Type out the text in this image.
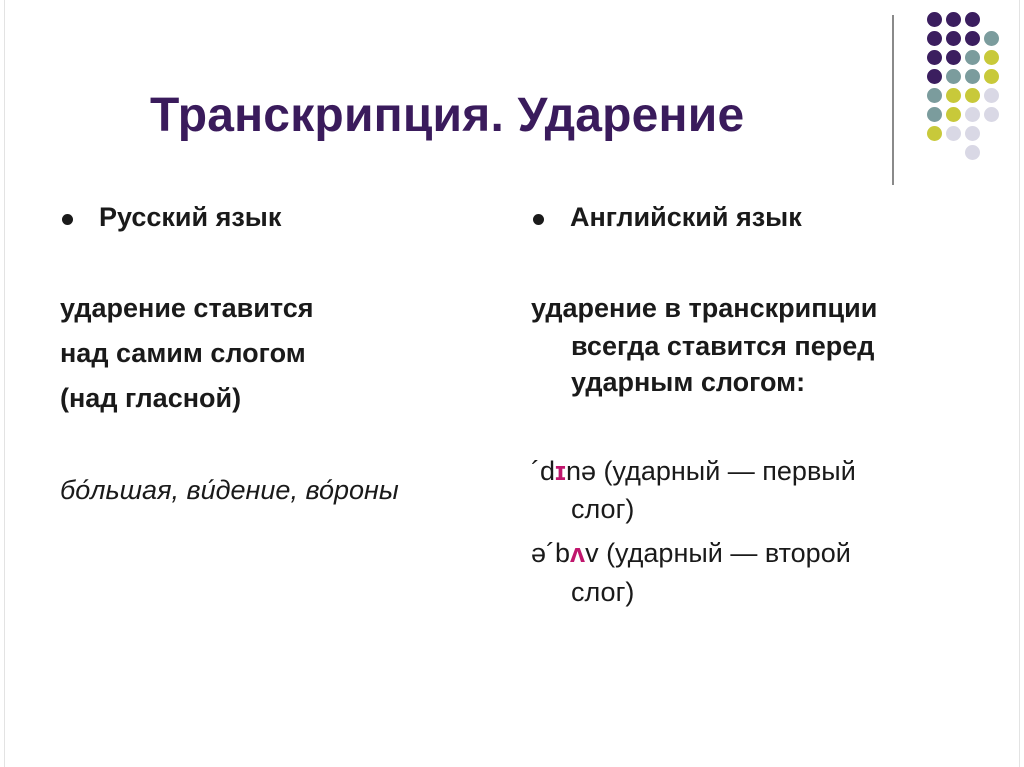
Транскрипция. Ударение
Русский язык
ударение ставится
над самим слогом
(над гласной)
большая, видение, вороны
Английский язык
ударение в транскрипции
всегда ставится перед
ударным слогом:
´dɪnə (ударный — первый
слог)
ə´bʌv (ударный — второй
слог)
